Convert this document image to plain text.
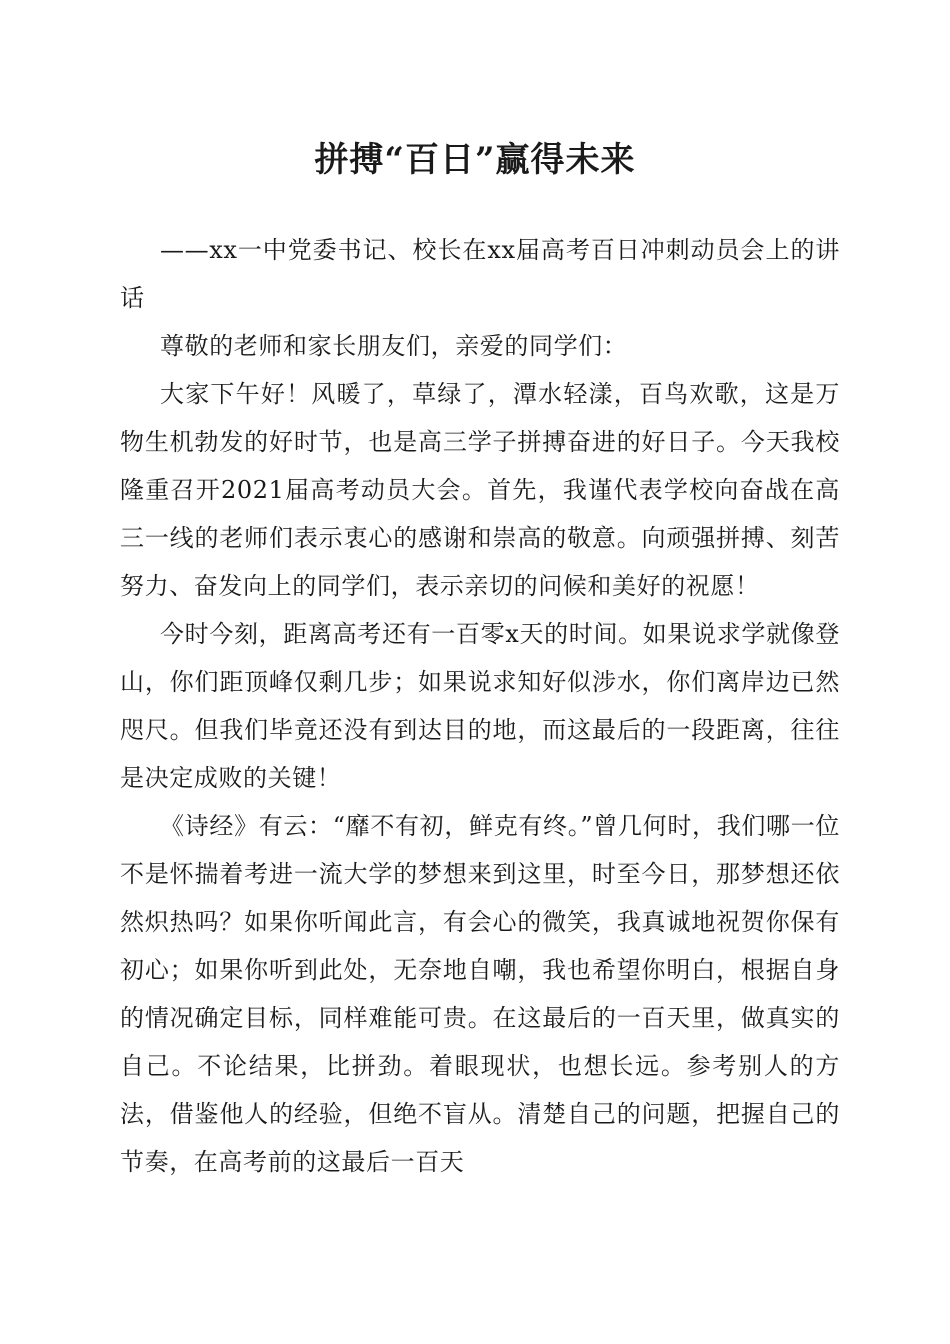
拼搏“百日”赢得未来

——xx一中党委书记、校长在xx届高考百日冲刺动员会上的讲话

尊敬的老师和家长朋友们，亲爱的同学们：

大家下午好！风暖了，草绿了，潭水轻漾，百鸟欢歌，这是万物生机勃发的好时节，也是高三学子拼搏奋进的好日子。今天我校隆重召开2021届高考动员大会。首先，我谨代表学校向奋战在高三一线的老师们表示衷心的感谢和崇高的敬意。向顽强拼搏、刻苦努力、奋发向上的同学们，表示亲切的问候和美好的祝愿！

今时今刻，距离高考还有一百零x天的时间。如果说求学就像登山，你们距顶峰仅剩几步；如果说求知好似涉水，你们离岸边已然咫尺。但我们毕竟还没有到达目的地，而这最后的一段距离，往往是决定成败的关键！

《诗经》有云：“靡不有初，鲜克有终。”曾几何时，我们哪一位不是怀揣着考进一流大学的梦想来到这里，时至今日，那梦想还依然炽热吗？如果你听闻此言，有会心的微笑，我真诚地祝贺你保有初心；如果你听到此处，无奈地自嘲，我也希望你明白，根据自身的情况确定目标，同样难能可贵。在这最后的一百天里，做真实的自己。不论结果，比拼劲。着眼现状，也想长远。参考别人的方法，借鉴他人的经验，但绝不盲从。清楚自己的问题，把握自己的节奏，在高考前的这最后一百天
